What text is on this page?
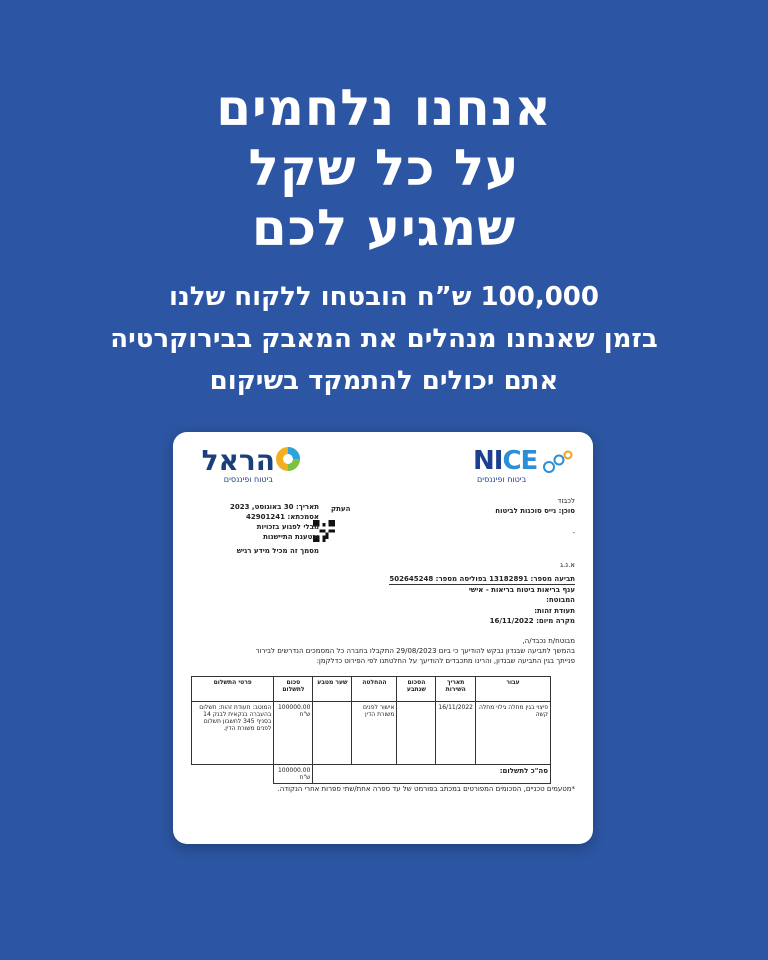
אנחנו נלחמים
על כל שקל
שמגיע לכם
100,000 ש”ח הובטחו ללקוח שלנו
בזמן שאנחנו מנהלים את המאבק בבירוקרטיה
אתם יכולים להתמקד בשיקום
הראל
ביטוח ופיננסים
NICE
ביטוח ופיננסים
לכבוד
סוכן: נייס סוכנות לביטוח
-
העתק
תאריך: 30 באוגוסט, 2023
אסמכתא: 42901241
מבלי לפגוע בזכויות
ובטענת התיישנות
מסמך זה מכיל מידע רגיש
א.נ.ג
תביעה מספר: 13182891 בפוליסה מספר: 502645248
ענף בריאות ביטוח בריאות - אישי
המבוטח:
תעודת זהות:
מקרה מיום: 16/11/2022
מבוטח/ת נכבד/ה,
בהמשך לתביעה שבנדון נבקש להודיעך כי ביום 29/08/2023 התקבלו בחברה כל המסמכים הנדרשים לבירור
פנייתך בגין התביעה שבנדון, והרינו מתכבדים להודיעך על החלטתנו לפי הפירוט כדלקמן:
עבור	תאריך השירות	הסכום שנתבע	ההחלטה	שער מטבע	סכום לתשלום	פרטי התשלום
פיצוי בגין מחלה גילוי מחלה קשה	16/11/2022		אישור לפנים משורת הדין		100000.00 ש"ח	המוטב: תעודת זהות: תשלום בהעברה בנקאית לבנק 14 בסניף 345 לחשבון תשלום לפנים משורת הדין.
סה"כ לתשלום:					100000.00 ש"ח	
*מטעמים טכניים, הסכומים המפורטים במכתב בפורמט של עד ספרה אחת/שתי ספרות אחרי הנקודה.
